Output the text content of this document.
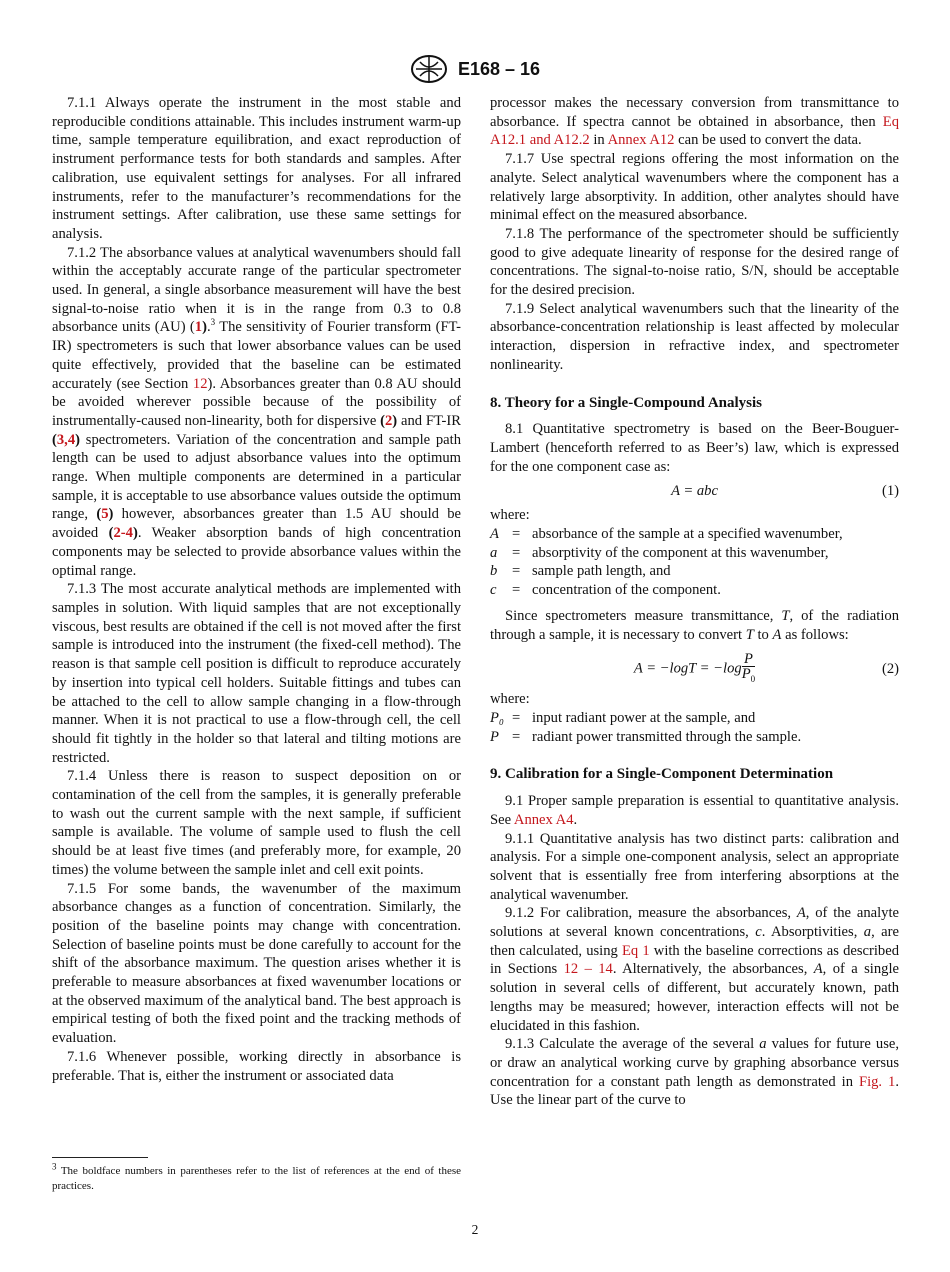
E168 – 16

7.1.1 Always operate the instrument in the most stable and reproducible conditions attainable. This includes instrument warm-up time, sample temperature equilibration, and exact reproduction of instrument performance tests for both standards and samples. After calibration, use equivalent settings for analyses. For all infrared instruments, refer to the manufacturer’s recommendations for the instrument settings. After calibration, use these same settings for analysis.

7.1.2 The absorbance values at analytical wavenumbers should fall within the acceptably accurate range of the particular spectrometer used. In general, a single absorbance measurement will have the best signal-to-noise ratio when it is in the range from 0.3 to 0.8 absorbance units (AU) (1).$^3$ The sensitivity of Fourier transform (FT-IR) spectrometers is such that lower absorbance values can be used quite effectively, provided that the baseline can be estimated accurately (see Section 12). Absorbances greater than 0.8 AU should be avoided wherever possible because of the possibility of instrumentally-caused non-linearity, both for dispersive (2) and FT-IR (3,4) spectrometers. Variation of the concentration and sample path length can be used to adjust absorbance values into the optimum range. When multiple components are determined in a particular sample, it is acceptable to use absorbance values outside the optimum range, (5) however, absorbances greater than 1.5 AU should be avoided (2-4). Weaker absorption bands of high concentration components may be selected to provide absorbance values within the optimal range.

7.1.3 The most accurate analytical methods are implemented with samples in solution. With liquid samples that are not exceptionally viscous, best results are obtained if the cell is not moved after the first sample is introduced into the instrument (the fixed-cell method). The reason is that sample cell position is difficult to reproduce accurately by insertion into typical cell holders. Suitable fittings and tubes can be attached to the cell to allow sample changing in a flow-through manner. When it is not practical to use a flow-through cell, the cell should fit tightly in the holder so that lateral and tilting motions are restricted.

7.1.4 Unless there is reason to suspect deposition on or contamination of the cell from the samples, it is generally preferable to wash out the current sample with the next sample, if sufficient sample is available. The volume of sample used to flush the cell should be at least five times (and preferably more, for example, 20 times) the volume between the sample inlet and cell exit points.

7.1.5 For some bands, the wavenumber of the maximum absorbance changes as a function of concentration. Similarly, the position of the baseline points may change with concentration. Selection of baseline points must be done carefully to account for the shift of the absorbance maximum. The question arises whether it is preferable to measure absorbances at fixed wavenumber locations or at the observed maximum of the analytical band. The best approach is empirical testing of both the fixed point and the tracking methods of evaluation.

7.1.6 Whenever possible, working directly in absorbance is preferable. That is, either the instrument or associated data

processor makes the necessary conversion from transmittance to absorbance. If spectra cannot be obtained in absorbance, then Eq A12.1 and A12.2 in Annex A12 can be used to convert the data.

7.1.7 Use spectral regions offering the most information on the analyte. Select analytical wavenumbers where the component has a relatively large absorptivity. In addition, other analytes should have minimal effect on the measured absorbance.

7.1.8 The performance of the spectrometer should be sufficiently good to give adequate linearity of response for the desired range of concentrations. The signal-to-noise ratio, S/N, should be acceptable for the desired precision.

7.1.9 Select analytical wavenumbers such that the linearity of the absorbance-concentration relationship is least affected by molecular interaction, dispersion in refractive index, and spectrometer nonlinearity.

8. Theory for a Single-Compound Analysis

8.1 Quantitative spectrometry is based on the Beer-Bouguer-Lambert (henceforth referred to as Beer’s) law, which is expressed for the one component case as:

A = abc	(1)

where:

A = absorbance of the sample at a specified wavenumber,
a	= absorptivity of the component at this wavenumber,
b	= sample path length, and
c	= concentration of the component.

Since spectrometers measure transmittance, T, of the radiation through a sample, it is necessary to convert T to A as follows:

$A = -\log T = -\log \frac{P}{P_0}$	(2)

where:

P₀ = input radiant power at the sample, and
P = radiant power transmitted through the sample.
9. Calibration for a Single-Component Determination

9.1 Proper sample preparation is essential to quantitative analysis. See Annex A4.

9.1.1 Quantitative analysis has two distinct parts: calibration and analysis. For a simple one-component analysis, select an appropriate solvent that is essentially free from interfering absorptions at the analytical wavenumber.

9.1.2 For calibration, measure the absorbances, A, of the analyte solutions at several known concentrations, c. Absorptivities, a, are then calculated, using Eq 1 with the baseline corrections as described in Sections 12 – 14. Alternatively, the absorbances, A, of a single solution in several cells of different, but accurately known, path lengths may be measured; however, interaction effects will not be elucidated in this fashion.

9.1.3 Calculate the average of the several a values for future use, or draw an analytical working curve by graphing absorbance versus concentration for a constant path length as demonstrated in Fig. 1. Use the linear part of the curve to

$^3$ The boldface numbers in parentheses refer to the list of references at the end of these practices.
2
